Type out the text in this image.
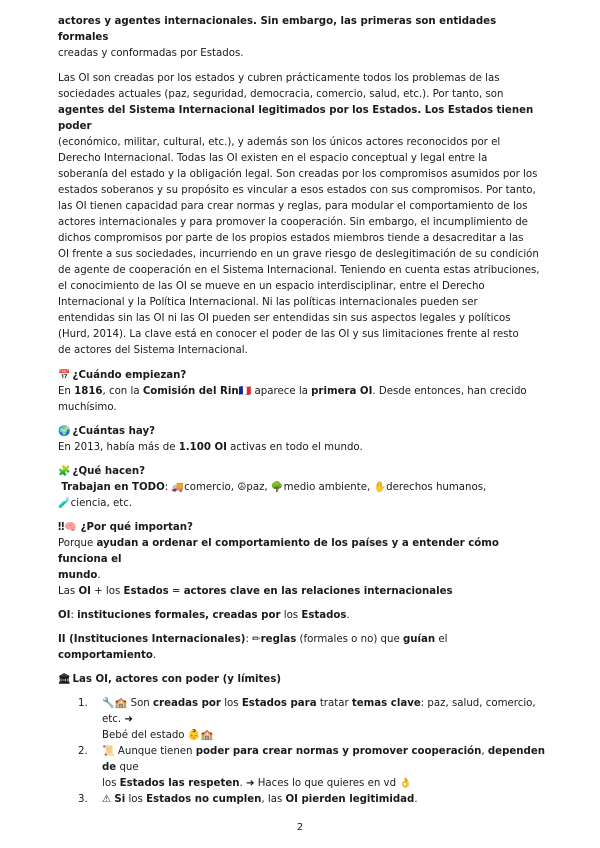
actores y agentes internacionales. Sin embargo, las primeras son entidades formales
creadas y conformadas por Estados.

Las OI son creadas por los estados y cubren prácticamente todos los problemas de las
sociedades actuales (paz, seguridad, democracia, comercio, salud, etc.). Por tanto, son
agentes del Sistema Internacional legitimados por los Estados. Los Estados tienen poder
(económico, militar, cultural, etc.), y además son los únicos actores reconocidos por el
Derecho Internacional. Todas las OI existen en el espacio conceptual y legal entre la
soberanía del estado y la obligación legal. Son creadas por los compromisos asumidos por los
estados soberanos y su propósito es vincular a esos estados con sus compromisos. Por tanto,
las OI tienen capacidad para crear normas y reglas, para modular el comportamiento de los
actores internacionales y para promover la cooperación. Sin embargo, el incumplimiento de
dichos compromisos por parte de los propios estados miembros tiende a desacreditar a las
OI frente a sus sociedades, incurriendo en un grave riesgo de deslegitimación de su condición
de agente de cooperación en el Sistema Internacional. Teniendo en cuenta estas atribuciones,
el conocimiento de las OI se mueve en un espacio interdisciplinar, entre el Derecho
Internacional y la Política Internacional. Ni las políticas internacionales pueden ser
entendidas sin las OI ni las OI pueden ser entendidas sin sus aspectos legales y políticos
(Hurd, 2014). La clave está en conocer el poder de las OI y sus limitaciones frente al resto
de actores del Sistema Internacional.

📅 ¿Cuándo empiezan?

En 1816, con la Comisión del Rin🇫🇷 aparece la primera OI. Desde entonces, han crecido
muchísimo.

🌍 ¿Cuántas hay?

En 2013, había más de 1.100 OI activas en todo el mundo.

🧩 ¿Qué hacen?

Trabajan en TODO: 🚚comercio, ☮paz, 🌳medio ambiente, ✋derechos humanos,
🧪ciencia, etc.

‼🧠 ¿Por qué importan?

Porque ayudan a ordenar el comportamiento de los países y a entender cómo funciona el
mundo.
Las OI + los Estados = actores clave en las relaciones internacionales

OI: instituciones formales, creadas por los Estados.

II (Instituciones Internacionales): ✏reglas (formales o no) que guían el comportamiento.

🏛 Las OI, actores con poder (y límites)

1. 🔧🏫 Son creadas por los Estados para tratar temas clave: paz, salud, comercio, etc. ➜
Bebé del estado 👶🏫
2. 📜 Aunque tienen poder para crear normas y promover cooperación, dependen de que
los Estados las respeten. ➜ Haces lo que quieres en vd 👌
3. ⚠ Si los Estados no cumplen, las OI pierden legitimidad.
2
